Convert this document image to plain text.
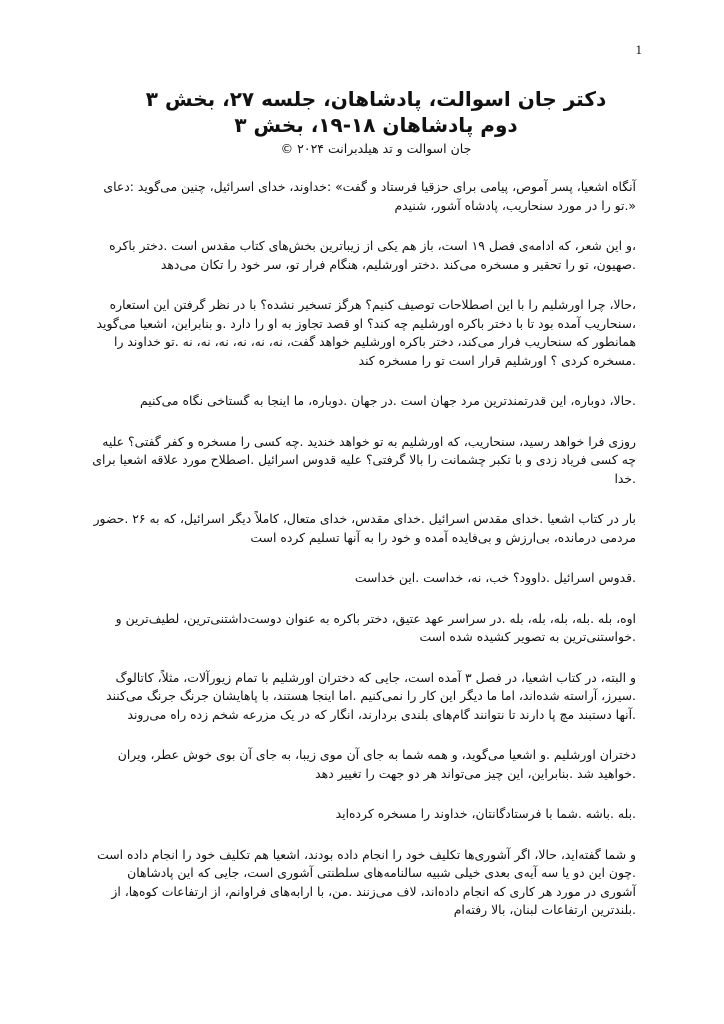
1
دکتر جان اسوالت، پادشاهان، جلسه ۲۷، بخش ۳
دوم پادشاهان ۱۸-۱۹، بخش ۳
جان اسوالت و تد هیلدبرانت ۲۰۲۴ ©

آنگاه اشعیا، پسر آموص، پیامی برای حزقیا فرستاد و گفت» :خداوند، خدای اسرائیل، چنین می‌گوید :دعای «.تو را در مورد سنحاریب، پادشاه آشور، شنیدم

،و این شعر، که ادامه‌ی فصل ۱۹ است، باز هم یکی از زیباترین بخش‌های کتاب مقدس است .دختر باکره .صهیون، تو را تحقیر و مسخره می‌کند .دختر اورشلیم، هنگام فرار تو، سر خود را تکان می‌دهد

،حالا، چرا اورشلیم را با این اصطلاحات توصیف کنیم؟ هرگز تسخیر نشده؟ با در نظر گرفتن این استعاره ،سنحاریب آمده بود تا با دختر باکره اورشلیم چه کند؟ او قصد تجاوز به او را دارد .و بنابراین، اشعیا می‌گوید همانطور که سنحاریب فرار می‌کند، دختر باکره اورشلیم خواهد گفت، نه، نه، نه، نه، نه، نه .تو خداوند را .مسخره کردی ؟ اورشلیم قرار است تو را مسخره کند

.حالا، دوباره، این قدرتمندترین مرد جهان است .در جهان .دوباره، ما اینجا به گستاخی نگاه می‌کنیم

روزی فرا خواهد رسید، سنحاریب، که اورشلیم به تو خواهد خندید .چه کسی را مسخره و کفر گفتی؟ علیه چه کسی فریاد زدی و با تکبر چشمانت را بالا گرفتی؟ علیه قدوس اسرائیل .اصطلاح مورد علاقه اشعیا برای .خدا

بار در کتاب اشعیا .خدای مقدس اسرائیل .خدای مقدس، خدای متعال، کاملاً دیگر اسرائیل، که به ۲۶ .حضور مردمی درمانده، بی‌ارزش و بی‌فایده آمده و خود را به آنها تسلیم کرده است

.قدوس اسرائیل .داوود؟ خب، نه، خداست .این خداست

اوه، بله .بله، بله، بله، بله .در سراسر عهد عتیق، دختر باکره به عنوان دوست‌داشتنی‌ترین، لطیف‌ترین و .خواستنی‌ترین به تصویر کشیده شده است

و البته، در کتاب اشعیا، در فصل ۳ آمده است، جایی که دختران اورشلیم با تمام زیورآلات، مثلاً، کاتالوگ .سیرز، آراسته شده‌اند، اما ما دیگر این کار را نمی‌کنیم .اما اینجا هستند، با پاهایشان جرنگ جرنگ می‌کنند .آنها دستبند مچ پا دارند تا نتوانند گام‌های بلندی بردارند، انگار که در یک مزرعه شخم زده راه می‌روند

دختران اورشلیم .و اشعیا می‌گوید، و همه شما به جای آن موی زیبا، به جای آن بوی خوش عطر، ویران .خواهید شد .بنابراین، این چیز می‌تواند هر دو جهت را تغییر دهد

.بله .باشه .شما با فرستادگانتان، خداوند را مسخره کرده‌اید

و شما گفته‌اید، حالا، اگر آشوری‌ها تکلیف خود را انجام داده بودند، اشعیا هم تکلیف خود را انجام داده است .چون این دو یا سه آیه‌ی بعدی خیلی شبیه سالنامه‌های سلطنتی آشوری است، جایی که این پادشاهان آشوری در مورد هر کاری که انجام داده‌اند، لاف می‌زنند .من، با ارابه‌های فراوانم، از ارتفاعات کوه‌ها، از .بلندترین ارتفاعات لبنان، بالا رفته‌ام
